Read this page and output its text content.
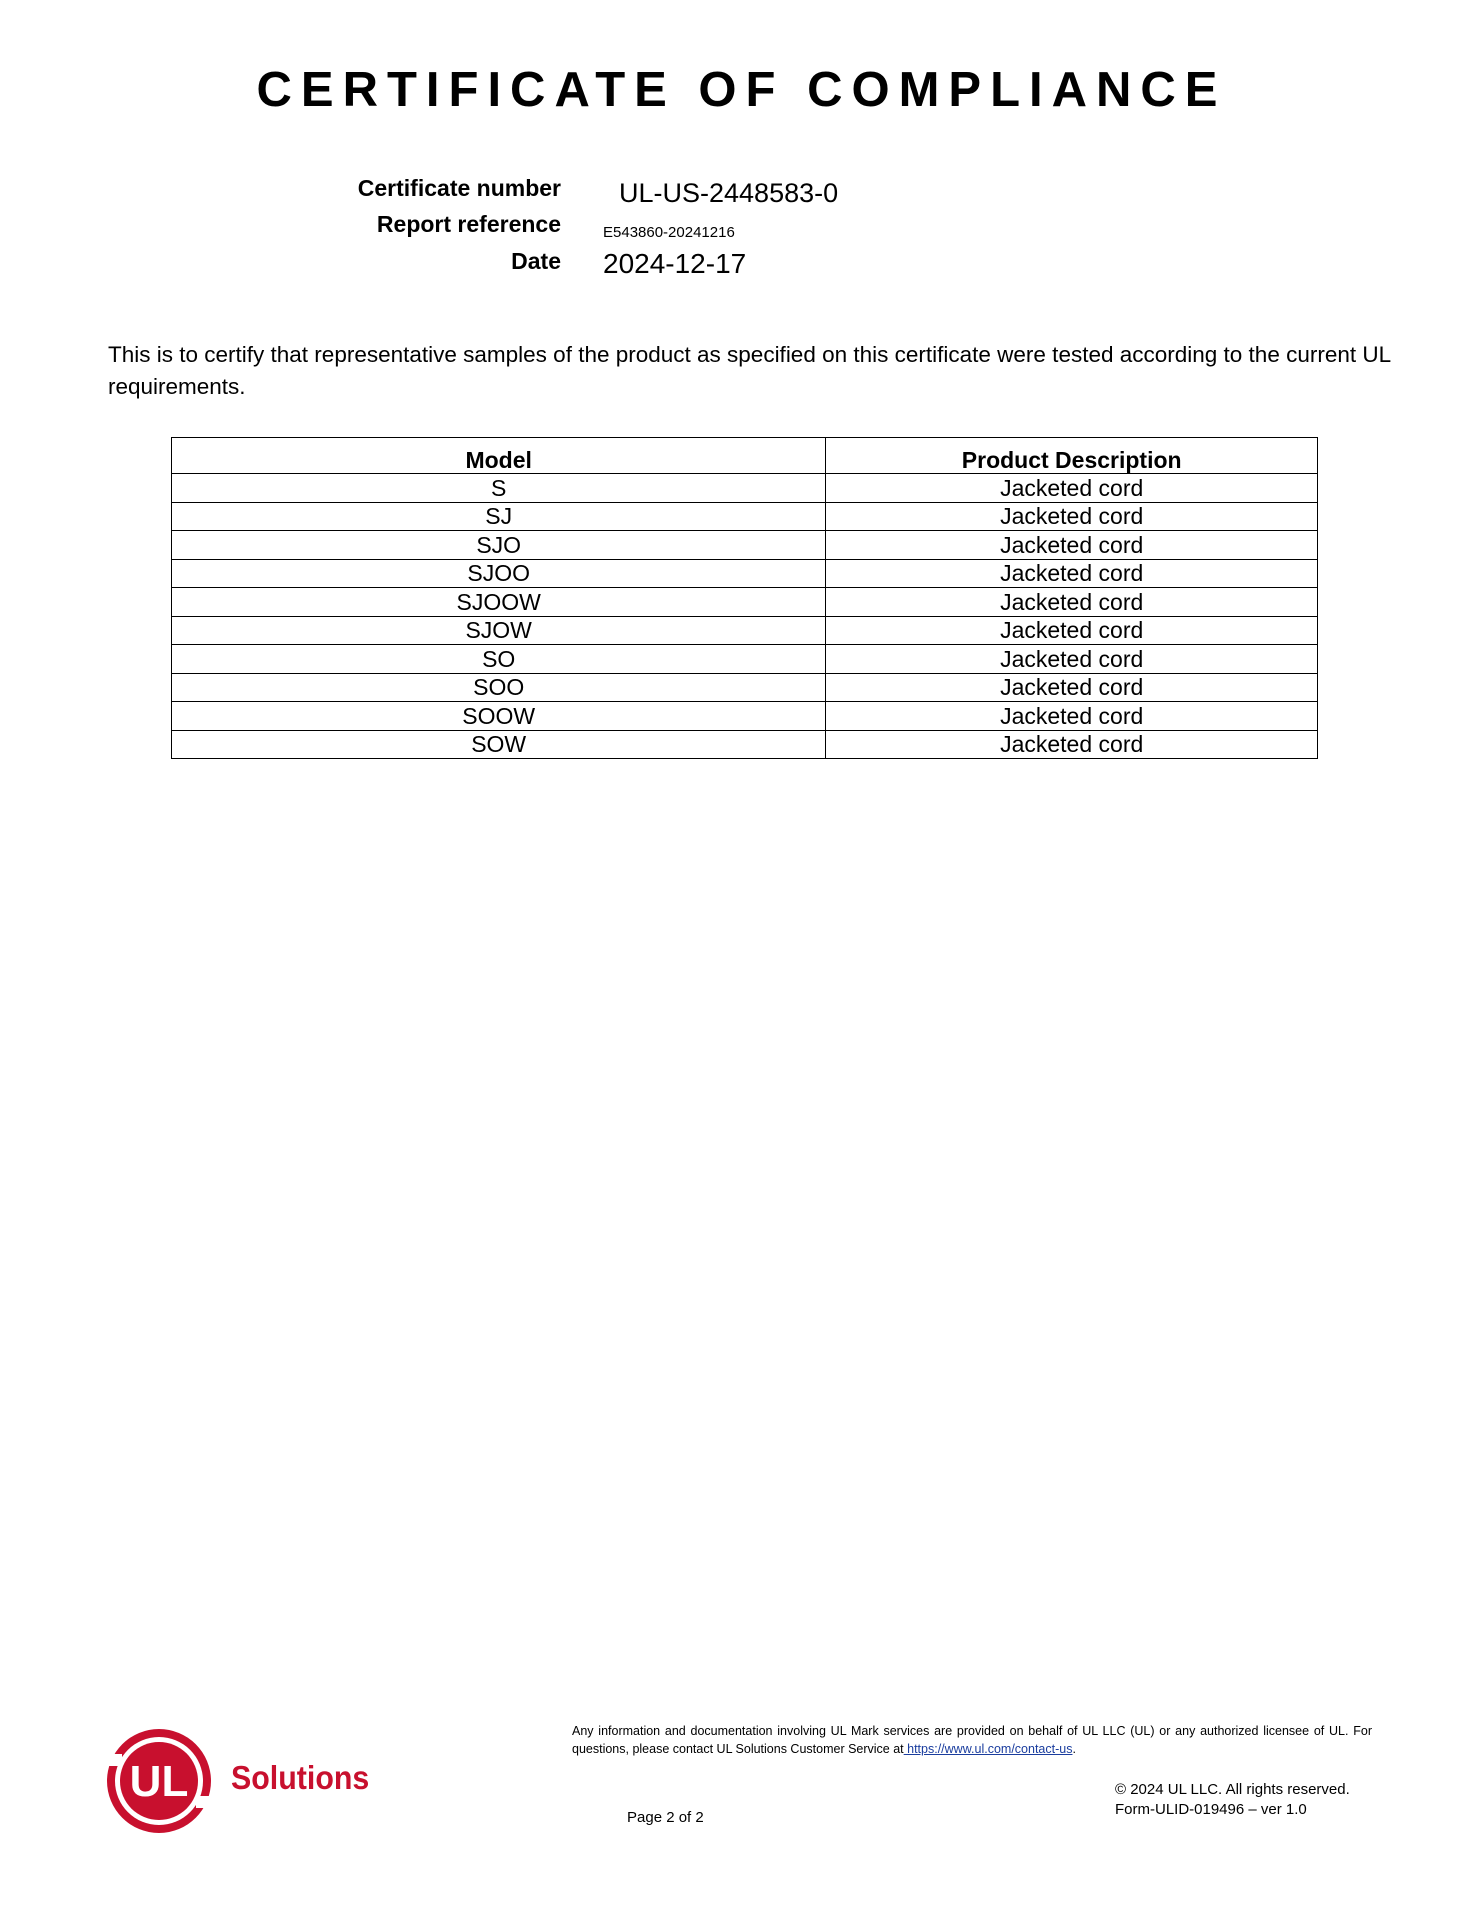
CERTIFICATE OF COMPLIANCE
Certificate number UL-US-2448583-0
Report reference	E543860-20241216
Date 2024-12-17
This is to certify that representative samples of the product as specified on this certificate were tested according to the current UL requirements.
Model	Product Description
S	Jacketed cord
SJ	Jacketed cord
SJO	Jacketed cord
SJOO	Jacketed cord
SJOOW	Jacketed cord
SJOW	Jacketed cord
SO	Jacketed cord
SOO	Jacketed cord
SOOW	Jacketed cord
SOW	Jacketed cord
UL Solutions
Any information and documentation involving UL Mark services are provided on behalf of UL LLC (UL) or any authorized licensee of UL. For questions, please contact UL Solutions Customer Service at https://www.ul.com/contact-us.
© 2024 UL LLC. All rights reserved.
Form-ULID-019496 – ver 1.0
Page 2 of 2
